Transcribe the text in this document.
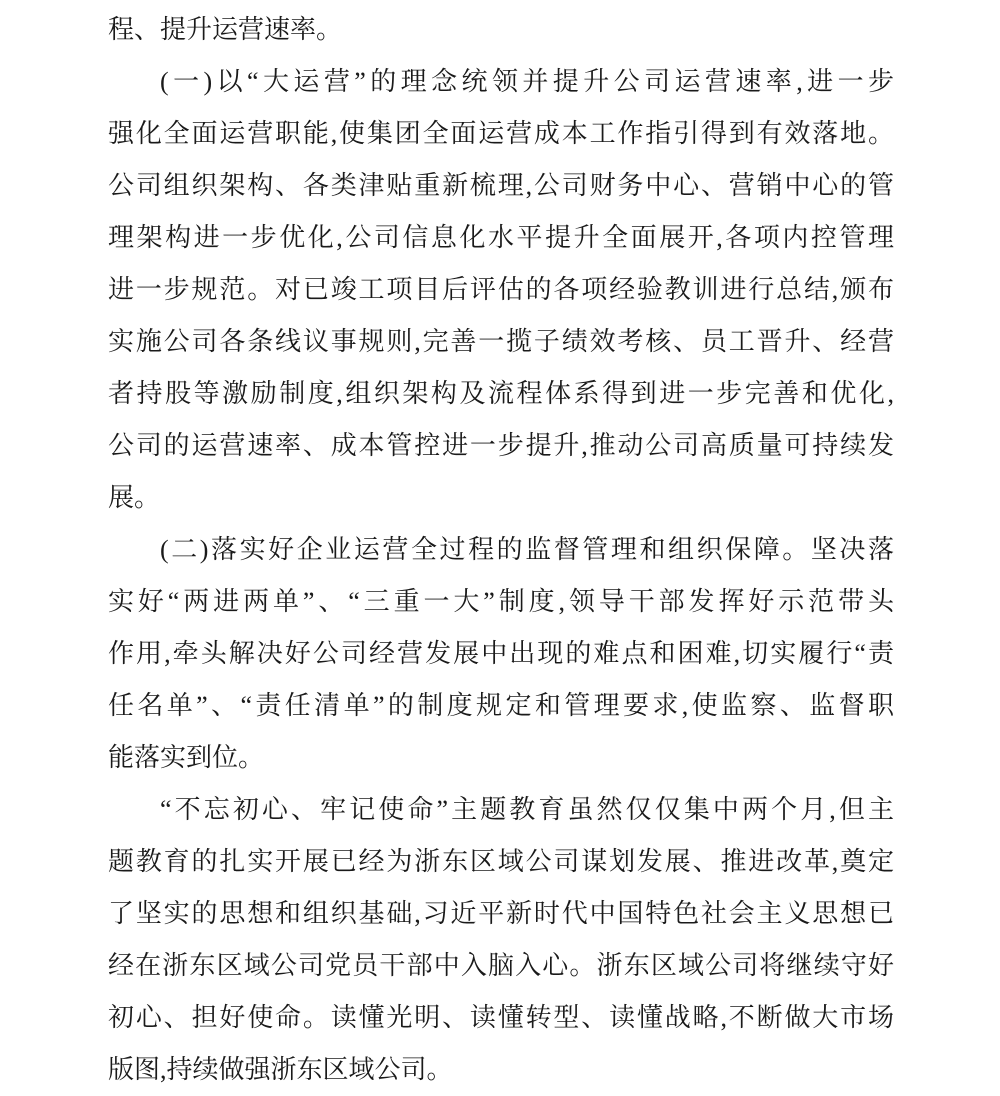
程、提升运营速率。
(一)以“大运营”的理念统领并提升公司运营速率,进一步
强化全面运营职能,使集团全面运营成本工作指引得到有效落地。
公司组织架构、各类津贴重新梳理,公司财务中心、营销中心的管
理架构进一步优化,公司信息化水平提升全面展开,各项内控管理
进一步规范。对已竣工项目后评估的各项经验教训进行总结,颁布
实施公司各条线议事规则,完善一揽子绩效考核、员工晋升、经营
者持股等激励制度,组织架构及流程体系得到进一步完善和优化,
公司的运营速率、成本管控进一步提升,推动公司高质量可持续发
展。
(二)落实好企业运营全过程的监督管理和组织保障。坚决落
实好“两进两单”、“三重一大”制度,领导干部发挥好示范带头
作用,牵头解决好公司经营发展中出现的难点和困难,切实履行“责
任名单”、“责任清单”的制度规定和管理要求,使监察、监督职
能落实到位。
“不忘初心、牢记使命”主题教育虽然仅仅集中两个月,但主
题教育的扎实开展已经为浙东区域公司谋划发展、推进改革,奠定
了坚实的思想和组织基础,习近平新时代中国特色社会主义思想已
经在浙东区域公司党员干部中入脑入心。浙东区域公司将继续守好
初心、担好使命。读懂光明、读懂转型、读懂战略,不断做大市场
版图,持续做强浙东区域公司。
